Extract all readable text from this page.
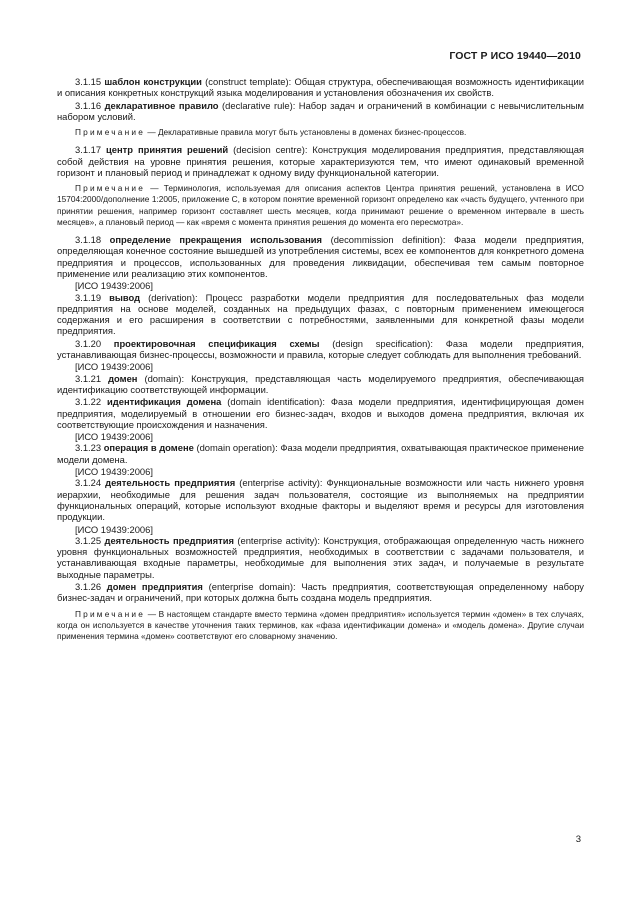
ГОСТ Р ИСО 19440—2010

3.1.15 шаблон конструкции (construct template): Общая структура, обеспечивающая возможность идентификации и описания конкретных конструкций языка моделирования и установления обозначения их свойств.

3.1.16 декларативное правило (declarative rule): Набор задач и ограничений в комбинации с невычислительным набором условий.

Примечание — Декларативные правила могут быть установлены в доменах бизнес-процессов.

3.1.17 центр принятия решений (decision centre): Конструкция моделирования предприятия, представляющая собой действия на уровне принятия решения, которые характеризуются тем, что имеют одинаковый временной горизонт и плановый период и принадлежат к одному виду функциональной категории.

Примечание — Терминология, используемая для описания аспектов Центра принятия решений, установлена в ИСО 15704:2000/дополнение 1:2005, приложение C, в котором понятие временной горизонт определено как «часть будущего, учтенного при принятии решения, например горизонт составляет шесть месяцев, когда принимают решение о временном интервале в шесть месяцев», а плановый период — как «время с момента принятия решения до момента его пересмотра».

3.1.18 определение прекращения использования (decommission definition): Фаза модели предприятия, определяющая конечное состояние вышедшей из употребления системы, всех ее компонентов для конкретного домена предприятия и процессов, использованных для проведения ликвидации, обеспечивая тем самым повторное применение или реализацию этих компонентов.

[ИСО 19439:2006]

3.1.19 вывод (derivation): Процесс разработки модели предприятия для последовательных фаз модели предприятия на основе моделей, созданных на предыдущих фазах, с повторным применением имеющегося содержания и его расширения в соответствии с потребностями, заявленными для конкретной фазы модели предприятия.

3.1.20 проектировочная спецификация схемы (design specification): Фаза модели предприятия, устанавливающая бизнес-процессы, возможности и правила, которые следует соблюдать для выполнения требований.

[ИСО 19439:2006]

3.1.21 домен (domain): Конструкция, представляющая часть моделируемого предприятия, обеспечивающая идентификацию соответствующей информации.

3.1.22 идентификация домена (domain identification): Фаза модели предприятия, идентифицирующая домен предприятия, моделируемый в отношении его бизнес-задач, входов и выходов домена предприятия, включая их соответствующие происхождения и назначения.

[ИСО 19439:2006]

3.1.23 операция в домене (domain operation): Фаза модели предприятия, охватывающая практическое применение модели домена.

[ИСО 19439:2006]

3.1.24 деятельность предприятия (enterprise activity): Функциональные возможности или часть нижнего уровня иерархии, необходимые для решения задач пользователя, состоящие из выполняемых на предприятии функциональных операций, которые используют входные факторы и выделяют время и ресурсы для изготовления продукции.

[ИСО 19439:2006]

3.1.25 деятельность предприятия (enterprise activity): Конструкция, отображающая определенную часть нижнего уровня функциональных возможностей предприятия, необходимых в соответствии с задачами пользователя, и устанавливающая входные параметры, необходимые для выполнения этих задач, и получаемые в результате выходные параметры.

3.1.26 домен предприятия (enterprise domain): Часть предприятия, соответствующая определенному набору бизнес-задач и ограничений, при которых должна быть создана модель предприятия.

Примечание — В настоящем стандарте вместо термина «домен предприятия» используется термин «домен» в тех случаях, когда он используется в качестве уточнения таких терминов, как «фаза идентификации домена» и «модель домена». Другие случаи применения термина «домен» соответствуют его словарному значению.

3
